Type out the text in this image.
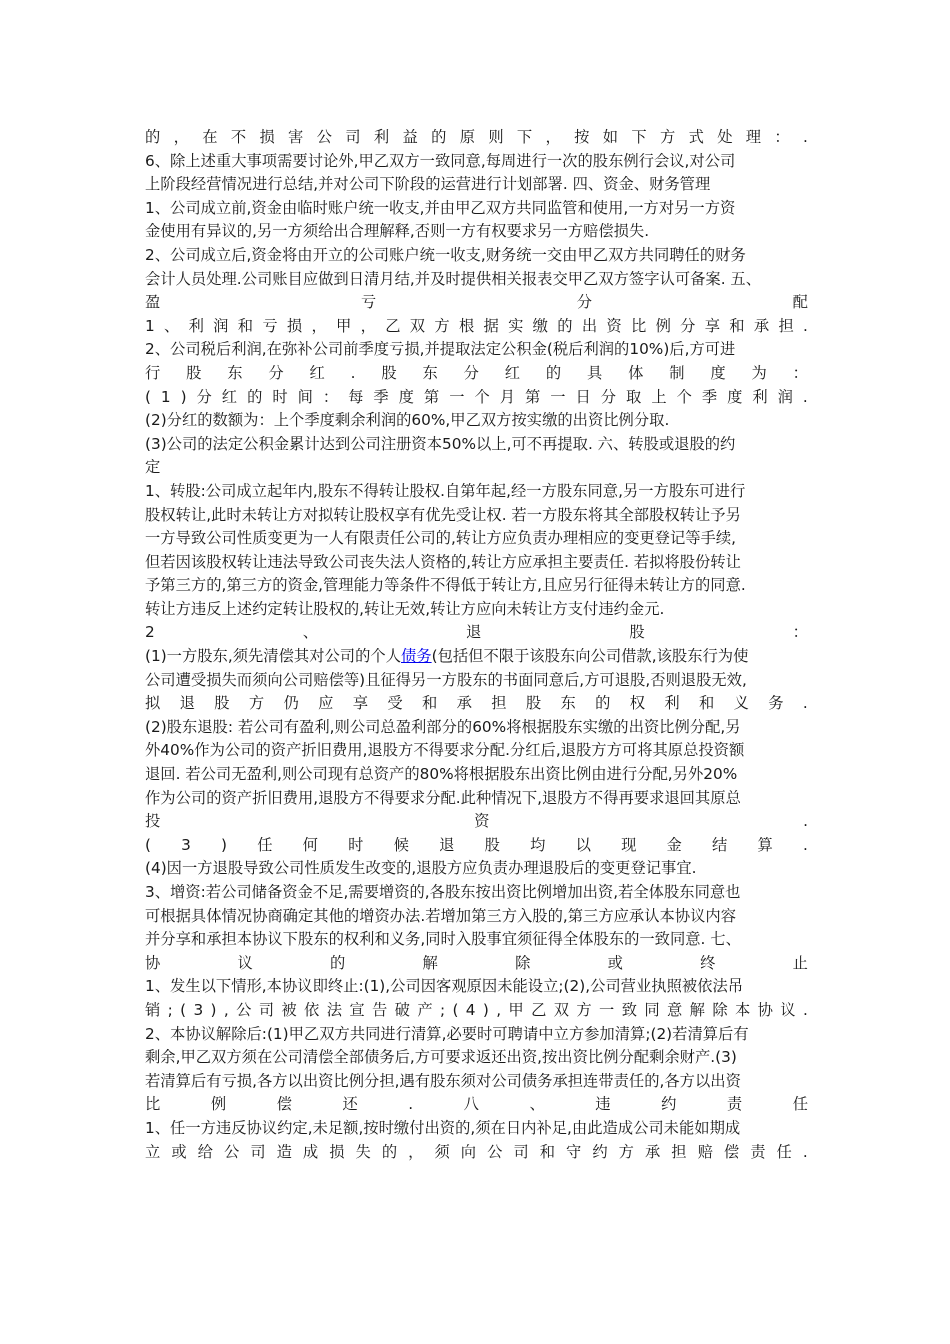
的 ， 在 不 损 害 公 司 利 益 的 原 则 下 ， 按 如 下 方 式 处 理 ： .
6、除上述重大事项需要讨论外,甲乙双方一致同意,每周进行一次的股东例行会议,对公司
上阶段经营情况进行总结,并对公司下阶段的运营进行计划部署. 四、资金、财务管理
1、公司成立前,资金由临时账户统一收支,并由甲乙双方共同监管和使用,一方对另一方资
金使用有异议的,另一方须给出合理解释,否则一方有权要求另一方赔偿损失.
2、公司成立后,资金将由开立的公司账户统一收支,财务统一交由甲乙双方共同聘任的财务
会计人员处理.公司账目应做到日清月结,并及时提供相关报表交甲乙双方签字认可备案. 五、
盈	亏	分	配
1 、 利 润 和 亏 损 ， 甲 ， 乙 双 方 根 据 实 缴 的 出 资 比 例 分 享 和 承 担 .
2、公司税后利润,在弥补公司前季度亏损,并提取法定公积金(税后利润的10%)后,方可进
行 股 东 分 红 . 股 东 分 红 的 具 体 制 度 为 ：
( 1 ) 分 红 的 时 间 ： 每 季 度 第 一 个 月 第 一 日 分 取 上 个 季 度 利 润 .
(2)分红的数额为：上个季度剩余利润的60%,甲乙双方按实缴的出资比例分取.
(3)公司的法定公积金累计达到公司注册资本50%以上,可不再提取. 六、转股或退股的约
定
1、转股:公司成立起年内,股东不得转让股权.自第年起,经一方股东同意,另一方股东可进行
股权转让,此时未转让方对拟转让股权享有优先受让权. 若一方股东将其全部股权转让予另
一方导致公司性质变更为一人有限责任公司的,转让方应负责办理相应的变更登记等手续,
但若因该股权转让违法导致公司丧失法人资格的,转让方应承担主要责任. 若拟将股份转让
予第三方的,第三方的资金,管理能力等条件不得低于转让方,且应另行征得未转让方的同意.
转让方违反上述约定转让股权的,转让无效,转让方应向未转让方支付违约金元.
2	、	退	股	：
(1)一方股东,须先清偿其对公司的个人债务(包括但不限于该股东向公司借款,该股东行为使
公司遭受损失而须向公司赔偿等)且征得另一方股东的书面同意后,方可退股,否则退股无效,
拟 退 股 方 仍 应 享 受 和 承 担 股 东 的 权 利 和 义 务 .
(2)股东退股: 若公司有盈利,则公司总盈利部分的60%将根据股东实缴的出资比例分配,另
外40%作为公司的资产折旧费用,退股方不得要求分配.分红后,退股方方可将其原总投资额
退回. 若公司无盈利,则公司现有总资产的80%将根据股东出资比例由进行分配,另外20%
作为公司的资产折旧费用,退股方不得要求分配.此种情况下,退股方不得再要求退回其原总
投	资	.
( 3 ) 任 何 时 候 退 股 均 以 现 金 结 算 .
(4)因一方退股导致公司性质发生改变的,退股方应负责办理退股后的变更登记事宜.
3、增资:若公司储备资金不足,需要增资的,各股东按出资比例增加出资,若全体股东同意也
可根据具体情况协商确定其他的增资办法.若增加第三方入股的,第三方应承认本协议内容
并分享和承担本协议下股东的权利和义务,同时入股事宜须征得全体股东的一致同意. 七、
协	议	的	解	除	或	终	止
1、发生以下情形,本协议即终止:(1),公司因客观原因未能设立;(2),公司营业执照被依法吊
销 ; ( 3 ) , 公 司 被 依 法 宣 告 破 产 ; ( 4 ) , 甲 乙 双 方 一 致 同 意 解 除 本 协 议 .
2、本协议解除后:(1)甲乙双方共同进行清算,必要时可聘请中立方参加清算;(2)若清算后有
剩余,甲乙双方须在公司清偿全部债务后,方可要求返还出资,按出资比例分配剩余财产.(3)
若清算后有亏损,各方以出资比例分担,遇有股东须对公司债务承担连带责任的,各方以出资
比	例	偿	还	.	八	、	违	约	责	任
1、任一方违反协议约定,未足额,按时缴付出资的,须在日内补足,由此造成公司未能如期成
立 或 给 公 司 造 成 损 失 的 ， 须 向 公 司 和 守 约 方 承 担 赔 偿 责 任 .
